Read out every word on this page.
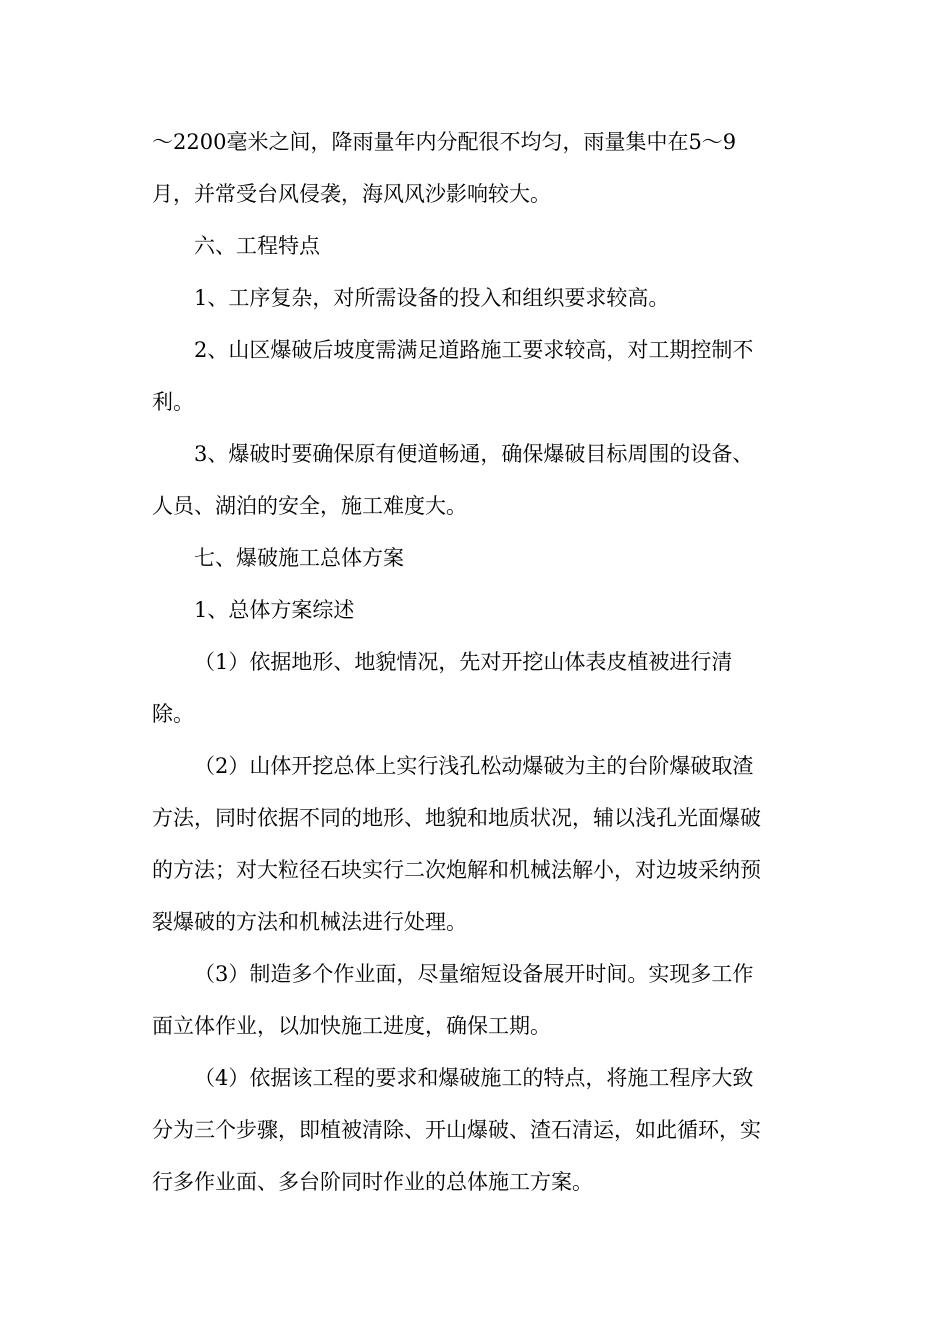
～2200毫米之间，降雨量年内分配很不均匀，雨量集中在5～9

月，并常受台风侵袭，海风风沙影响较大。

六、工程特点

1、工序复杂，对所需设备的投入和组织要求较高。

2、山区爆破后坡度需满足道路施工要求较高，对工期控制不

利。

3、爆破时要确保原有便道畅通，确保爆破目标周围的设备、

人员、湖泊的安全，施工难度大。

七、爆破施工总体方案

1、总体方案综述

（1）依据地形、地貌情况，先对开挖山体表皮植被进行清

除。

（2）山体开挖总体上实行浅孔松动爆破为主的台阶爆破取渣

方法，同时依据不同的地形、地貌和地质状况，辅以浅孔光面爆破

的方法；对大粒径石块实行二次炮解和机械法解小，对边坡采纳预

裂爆破的方法和机械法进行处理。

（3）制造多个作业面，尽量缩短设备展开时间。实现多工作

面立体作业，以加快施工进度，确保工期。

（4）依据该工程的要求和爆破施工的特点，将施工程序大致

分为三个步骤，即植被清除、开山爆破、渣石清运，如此循环，实

行多作业面、多台阶同时作业的总体施工方案。
